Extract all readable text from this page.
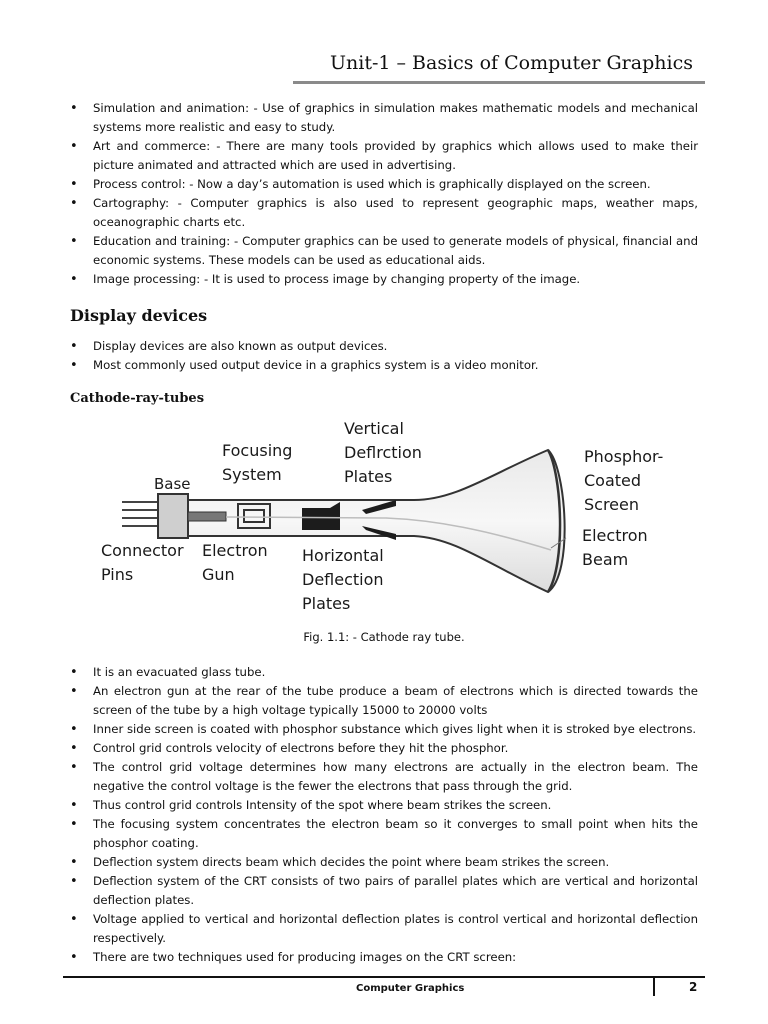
Unit-1 – Basics of Computer Graphics
• Simulation and animation: - Use of graphics in simulation makes mathematic models and mechanical systems more realistic and easy to study.
• Art and commerce: - There are many tools provided by graphics which allows used to make their picture animated and attracted which are used in advertising.
• Process control: - Now a day’s automation is used which is graphically displayed on the screen.
• Cartography: - Computer graphics is also used to represent geographic maps, weather maps, oceanographic charts etc.
• Education and training: - Computer graphics can be used to generate models of physical, financial and economic systems. These models can be used as educational aids.
• Image processing: - It is used to process image by changing property of the image.
Display devices
• Display devices are also known as output devices.
• Most commonly used output device in a graphics system is a video monitor.
Cathode-ray-tubes
Focusing
System
Vertical
Deflrction
Plates
Phosphor-
Coated
Screen
Base
Connector
Pins
Electron
Gun
Horizontal
Deflection
Plates
Electron
Beam
Fig. 1.1: - Cathode ray tube.
• It is an evacuated glass tube.
• An electron gun at the rear of the tube produce a beam of electrons which is directed towards the screen of the tube by a high voltage typically 15000 to 20000 volts
• Inner side screen is coated with phosphor substance which gives light when it is stroked bye electrons.
• Control grid controls velocity of electrons before they hit the phosphor.
• The control grid voltage determines how many electrons are actually in the electron beam. The negative the control voltage is the fewer the electrons that pass through the grid.
• Thus control grid controls Intensity of the spot where beam strikes the screen.
• The focusing system concentrates the electron beam so it converges to small point when hits the phosphor coating.
• Deflection system directs beam which decides the point where beam strikes the screen.
• Deflection system of the CRT consists of two pairs of parallel plates which are vertical and horizontal deflection plates.
• Voltage applied to vertical and horizontal deflection plates is control vertical and horizontal deflection respectively.
• There are two techniques used for producing images on the CRT screen:
Computer Graphics	2
